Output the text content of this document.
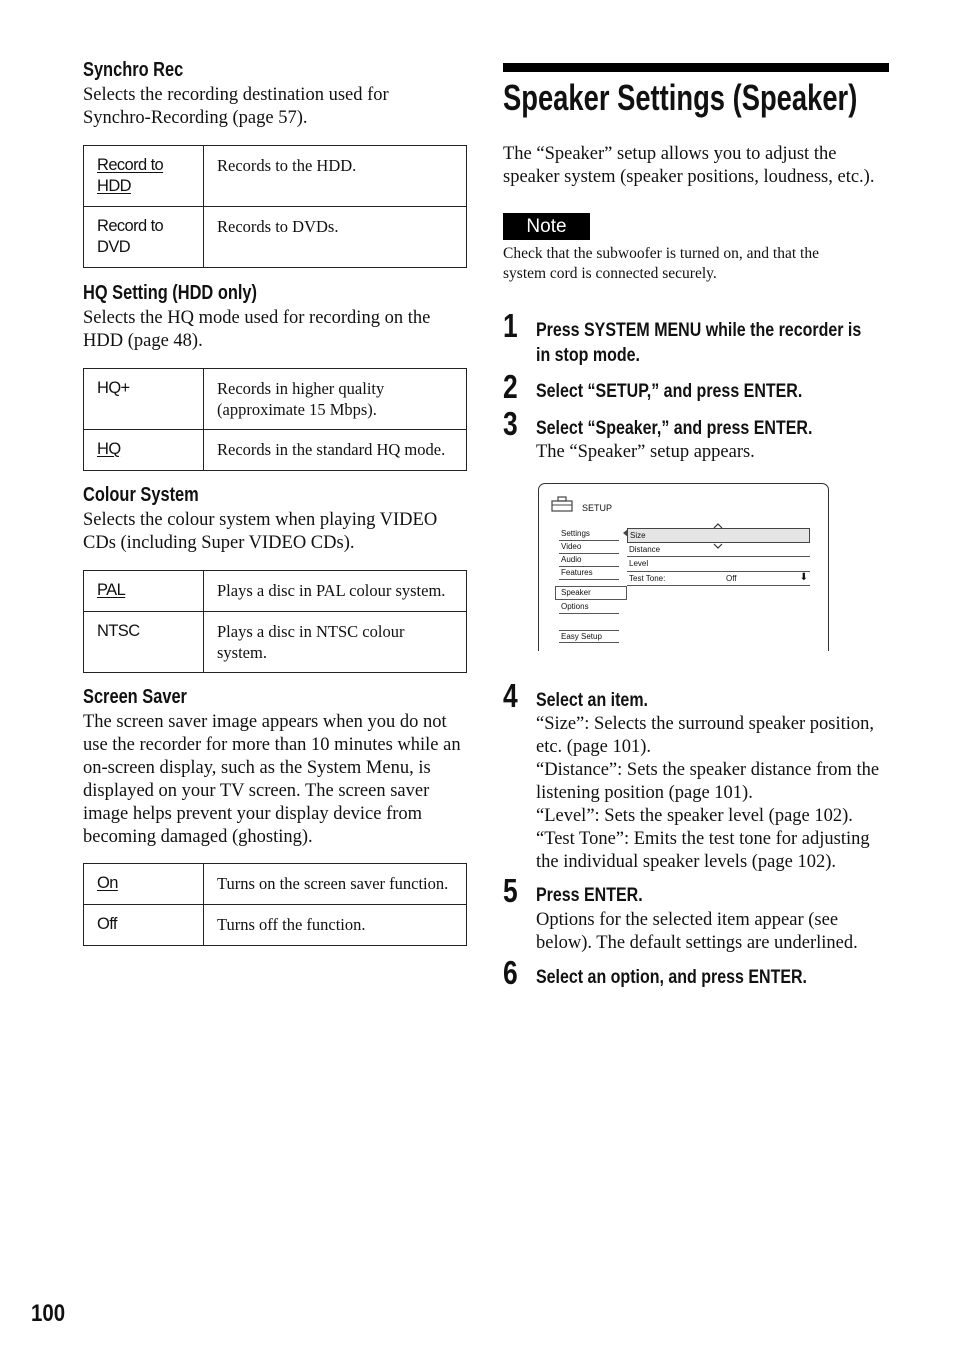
Synchro Rec
Selects the recording destination used for
Synchro-Recording (page 57).
Record to
HDD	Records to the HDD.
Record to
DVD	Records to DVDs.
HQ Setting (HDD only)
Selects the HQ mode used for recording on the
HDD (page 48).
HQ+	Records in higher quality
(approximate 15 Mbps).

HQ	Records in the standard HQ mode.
Colour System
Selects the colour system when playing VIDEO
CDs (including Super VIDEO CDs).
PAL	Plays a disc in PAL colour system.
NTSC	Plays a disc in NTSC colour
system.
Screen Saver
The screen saver image appears when you do not
use the recorder for more than 10 minutes while an
on-screen display, such as the System Menu, is
displayed on your TV screen. The screen saver
image helps prevent your display device from
becoming damaged (ghosting).
On	Turns on the screen saver function.
Off	Turns off the function.
100
Speaker Settings (Speaker)
The “Speaker” setup allows you to adjust the
speaker system (speaker positions, loudness, etc.).
Note
Check that the subwoofer is turned on, and that the
system cord is connected securely.
1 Press SYSTEM MENU while the recorder is
in stop mode.
2 Select “SETUP,” and press ENTER.
3 Select “Speaker,” and press ENTER.
The “Speaker” setup appears.
SETUP
Settings
Video
Audio
Features
Speaker
Options
Easy Setup
Size
Distance
Level
Test Tone:	Off	⬇
4 Select an item.
“Size”: Selects the surround speaker position,
etc. (page 101).
“Distance”: Sets the speaker distance from the
listening position (page 101).
“Level”: Sets the speaker level (page 102).
“Test Tone”: Emits the test tone for adjusting
the individual speaker levels (page 102).
5 Press ENTER.
Options for the selected item appear (see
below). The default settings are underlined.
6 Select an option, and press ENTER.
